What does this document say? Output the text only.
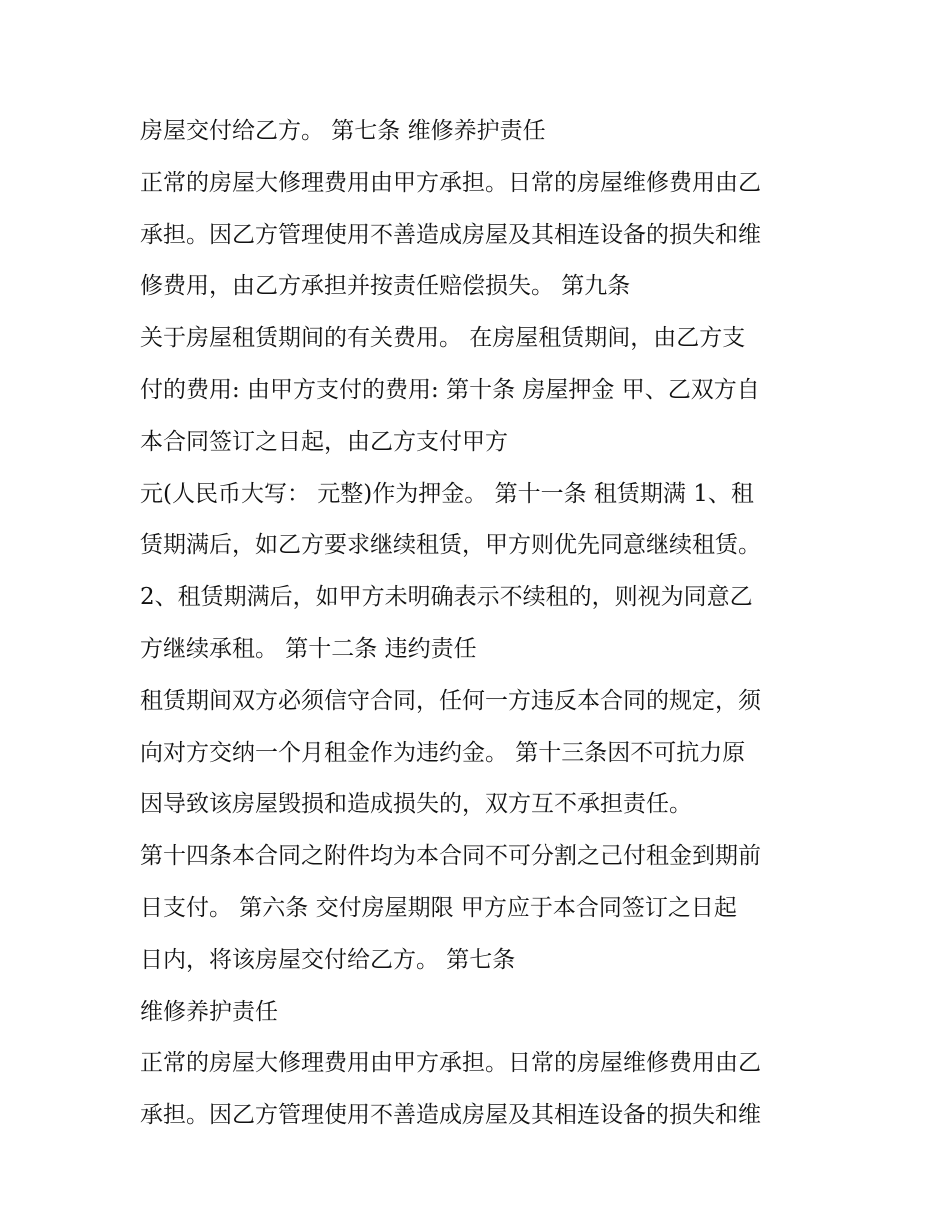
房屋交付给乙方。 第七条 维修养护责任
正常的房屋大修理费用由甲方承担。日常的房屋维修费用由乙
承担。因乙方管理使用不善造成房屋及其相连设备的损失和维
修费用，由乙方承担并按责任赔偿损失。 第九条
关于房屋租赁期间的有关费用。 在房屋租赁期间，由乙方支
付的费用: 由甲方支付的费用: 第十条 房屋押金 甲、乙双方自
本合同签订之日起，由乙方支付甲方
元(人民币大写： 元整)作为押金。 第十一条 租赁期满 1、租
赁期满后，如乙方要求继续租赁，甲方则优先同意继续租赁。
2、租赁期满后，如甲方未明确表示不续租的，则视为同意乙
方继续承租。 第十二条 违约责任
租赁期间双方必须信守合同，任何一方违反本合同的规定，须
向对方交纳一个月租金作为违约金。 第十三条因不可抗力原
因导致该房屋毁损和造成损失的，双方互不承担责任。
第十四条本合同之附件均为本合同不可分割之己付租金到期前
日支付。 第六条 交付房屋期限 甲方应于本合同签订之日起
日内，将该房屋交付给乙方。 第七条
维修养护责任
正常的房屋大修理费用由甲方承担。日常的房屋维修费用由乙
承担。因乙方管理使用不善造成房屋及其相连设备的损失和维
